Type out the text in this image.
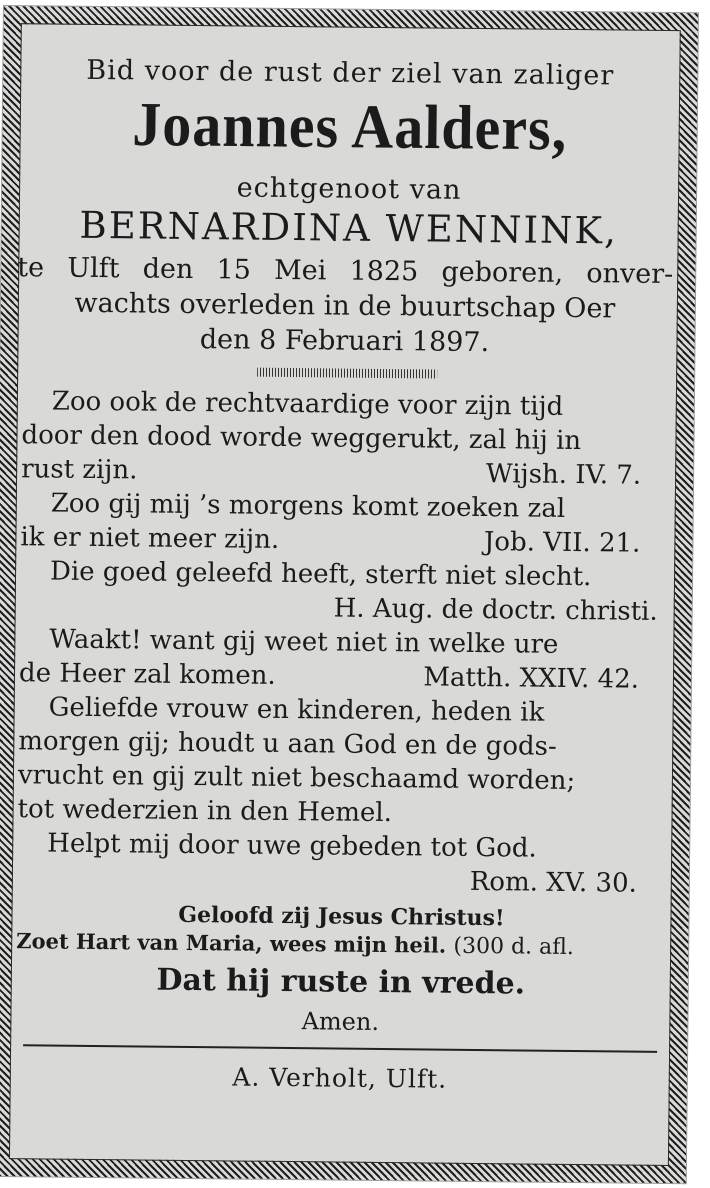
Bid voor de rust der ziel van zaliger
Joannes Aalders,
echtgenoot van
BERNARDINA WENNINK,
te Ulft den 15 Mei 1825 geboren, onver-
wachts overleden in de buurtschap Oer
den 8 Februari 1897.
Zoo ook de rechtvaardige voor zijn tijd
door den dood worde weggerukt, zal hij in
rust zijn.	Wijsh. IV. 7.
Zoo gij mij ’s morgens komt zoeken zal
ik er niet meer zijn.	Job. VII. 21.
Die goed geleefd heeft, sterft niet slecht.
H. Aug. de doctr. christi.
Waakt! want gij weet niet in welke ure
de Heer zal komen.	Matth. XXIV. 42.
Geliefde vrouw en kinderen, heden ik
morgen gij; houdt u aan God en de gods-
vrucht en gij zult niet beschaamd worden;
tot wederzien in den Hemel.
Helpt mij door uwe gebeden tot God.
Rom. XV. 30.
Geloofd zij Jesus Christus!
Zoet Hart van Maria, wees mijn heil. (300 d. afl.
Dat hij ruste in vrede.
Amen.
A. Verholt, Ulft.
